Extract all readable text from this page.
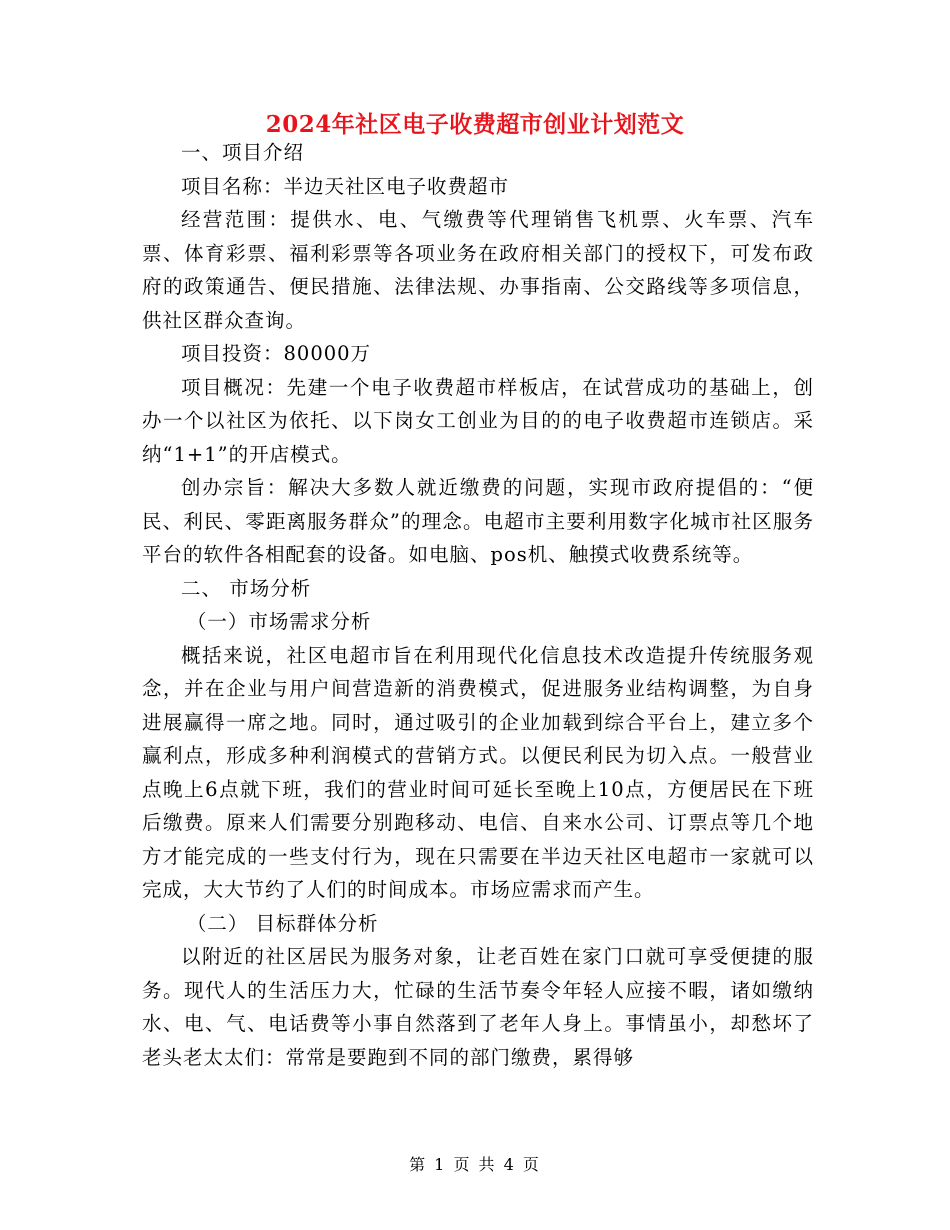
2024年社区电子收费超市创业计划范文

一、项目介绍

项目名称：半边天社区电子收费超市

经营范围：提供水、电、气缴费等代理销售飞机票、火车票、汽车票、体育彩票、福利彩票等各项业务在政府相关部门的授权下，可发布政府的政策通告、便民措施、法律法规、办事指南、公交路线等多项信息，供社区群众查询。

项目投资：80000万

项目概况：先建一个电子收费超市样板店，在试营成功的基础上，创办一个以社区为依托、以下岗女工创业为目的的电子收费超市连锁店。采纳“1+1”的开店模式。

创办宗旨：解决大多数人就近缴费的问题，实现市政府提倡的：“便民、利民、零距离服务群众”的理念。电超市主要利用数字化城市社区服务平台的软件各相配套的设备。如电脑、pos机、触摸式收费系统等。

二、 市场分析

（一）市场需求分析

概括来说，社区电超市旨在利用现代化信息技术改造提升传统服务观念，并在企业与用户间营造新的消费模式，促进服务业结构调整，为自身进展赢得一席之地。同时，通过吸引的企业加载到综合平台上，建立多个赢利点，形成多种利润模式的营销方式。以便民利民为切入点。一般营业点晚上6点就下班，我们的营业时间可延长至晚上10点，方便居民在下班后缴费。原来人们需要分别跑移动、电信、自来水公司、订票点等几个地方才能完成的一些支付行为，现在只需要在半边天社区电超市一家就可以完成，大大节约了人们的时间成本。市场应需求而产生。

（二） 目标群体分析

以附近的社区居民为服务对象，让老百姓在家门口就可享受便捷的服务。现代人的生活压力大，忙碌的生活节奏令年轻人应接不暇，诸如缴纳水、电、气、电话费等小事自然落到了老年人身上。事情虽小，却愁坏了老头老太太们：常常是要跑到不同的部门缴费，累得够

第 1 页 共 4 页
